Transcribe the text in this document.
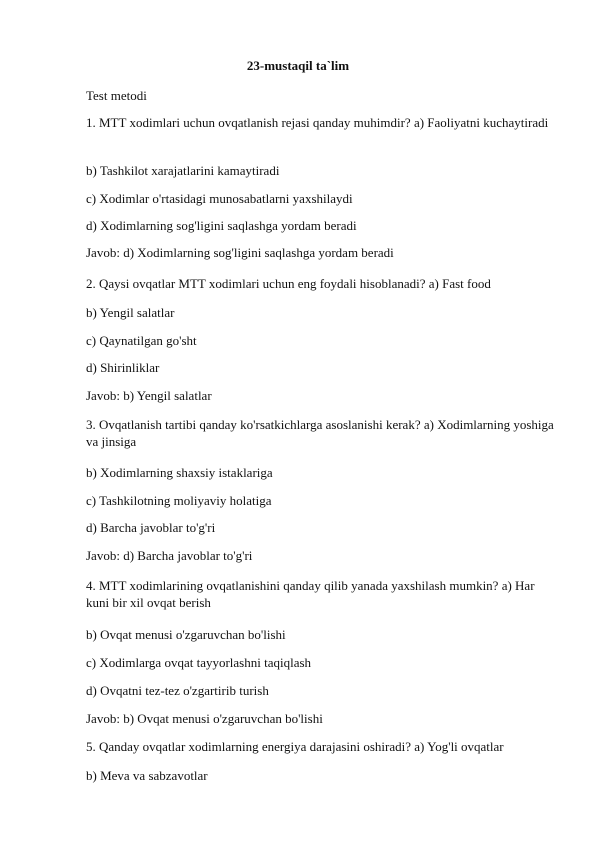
23-mustaqil ta`lim

Test metodi

1. MTT xodimlari uchun ovqatlanish rejasi qanday muhimdir? a) Faoliyatni kuchaytiradi

b) Tashkilot xarajatlarini kamaytiradi

c) Xodimlar o'rtasidagi munosabatlarni yaxshilaydi

d) Xodimlarning sog'ligini saqlashga yordam beradi

Javob: d) Xodimlarning sog'ligini saqlashga yordam beradi

2. Qaysi ovqatlar MTT xodimlari uchun eng foydali hisoblanadi? a) Fast food

b) Yengil salatlar

c) Qaynatilgan go'sht

d) Shirinliklar

Javob: b) Yengil salatlar

3. Ovqatlanish tartibi qanday ko'rsatkichlarga asoslanishi kerak? a) Xodimlarning yoshiga va jinsiga

b) Xodimlarning shaxsiy istaklariga

c) Tashkilotning moliyaviy holatiga

d) Barcha javoblar to'g'ri

Javob: d) Barcha javoblar to'g'ri

4. MTT xodimlarining ovqatlanishini qanday qilib yanada yaxshilash mumkin? a) Har kuni bir xil ovqat berish

b) Ovqat menusi o'zgaruvchan bo'lishi

c) Xodimlarga ovqat tayyorlashni taqiqlash

d) Ovqatni tez-tez o'zgartirib turish

Javob: b) Ovqat menusi o'zgaruvchan bo'lishi

5. Qanday ovqatlar xodimlarning energiya darajasini oshiradi? a) Yog'li ovqatlar

b) Meva va sabzavotlar
